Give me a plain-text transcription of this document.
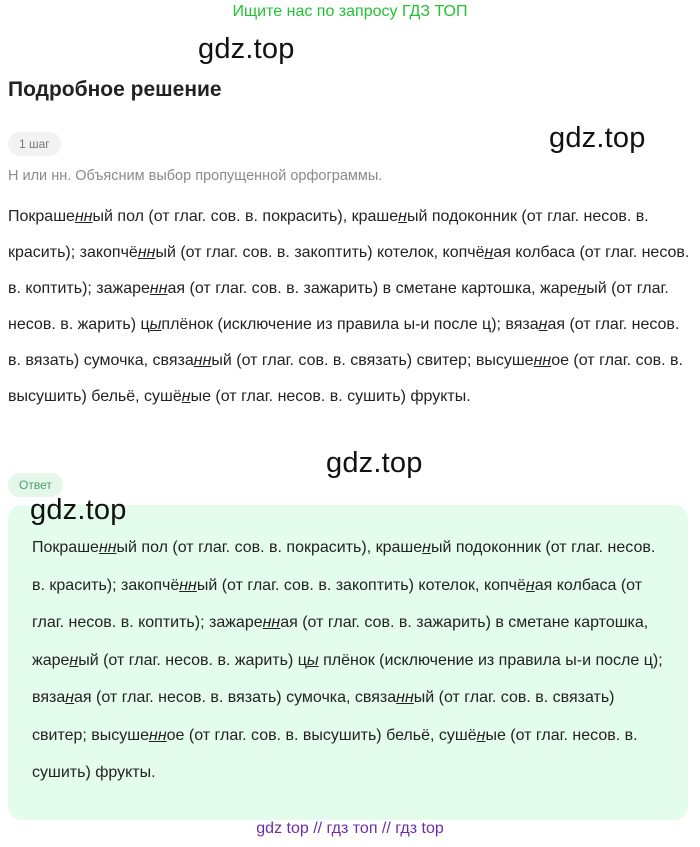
Ищите нас по запросу ГДЗ ТОП
gdz.top
gdz.top
Подробное решение
1 шаг
Н или нн. Объясним выбор пропущенной орфограммы.
Покрашенный пол (от глаг. сов. в. покрасить), крашеный подоконник (от глаг. несов. в. красить); закопчённый (от глаг. сов. в. закоптить) котелок, копчёная колбаса (от глаг. несов. в. коптить); зажаренная (от глаг. сов. в. зажарить) в сметане картошка, жареный (от глаг. несов. в. жарить) цыплёнок (исключение из правила ы-и после ц); вязаная (от глаг. несов. в. вязать) сумочка, связанный (от глаг. сов. в. связать) свитер; высушенное (от глаг. сов. в. высушить) бельё, сушёные (от глаг. несов. в. сушить) фрукты.
gdz.top
Ответ
gdz.top
Покрашенный пол (от глаг. сов. в. покрасить), крашеный подоконник (от глаг. несов. в. красить); закопчённый (от глаг. сов. в. закоптить) котелок, копчёная колбаса (от глаг. несов. в. коптить); зажаренная (от глаг. сов. в. зажарить) в сметане картошка, жареный (от глаг. несов. в. жарить) цы плёнок (исключение из правила ы-и после ц); вязаная (от глаг. несов. в. вязать) сумочка, связанный (от глаг. сов. в. связать) свитер; высушенное (от глаг. сов. в. высушить) бельё, сушёные (от глаг. несов. в. сушить) фрукты.
gdz top // гдз топ // гдз top
